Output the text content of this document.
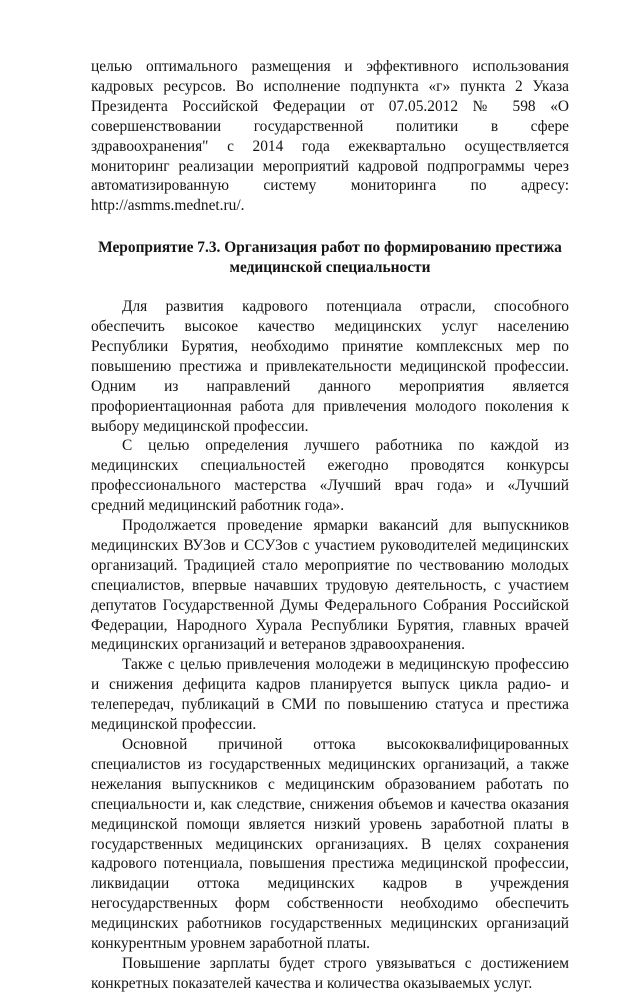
целью оптимального размещения и эффективного использования кадровых ресурсов. Во исполнение подпункта «г» пункта 2 Указа Президента Российской Федерации от 07.05.2012 № 598 «О совершенствовании государственной политики в сфере здравоохранения" с 2014 года ежеквартально осуществляется мониторинг реализации мероприятий кадровой подпрограммы через автоматизированную систему мониторинга по адресу: http://asmms.mednet.ru/.

Мероприятие 7.3. Организация работ по формированию престижа медицинской специальности

Для развития кадрового потенциала отрасли, способного обеспечить высокое качество медицинских услуг населению Республики Бурятия, необходимо принятие комплексных мер по повышению престижа и привлекательности медицинской профессии. Одним из направлений данного мероприятия является профориентационная работа для привлечения молодого поколения к выбору медицинской профессии.

С целью определения лучшего работника по каждой из медицинских специальностей ежегодно проводятся конкурсы профессионального мастерства «Лучший врач года» и «Лучший средний медицинский работник года».

Продолжается проведение ярмарки вакансий для выпускников медицинских ВУЗов и ССУЗов с участием руководителей медицинских организаций. Традицией стало мероприятие по чествованию молодых специалистов, впервые начавших трудовую деятельность, с участием депутатов Государственной Думы Федерального Собрания Российской Федерации, Народного Хурала Республики Бурятия, главных врачей медицинских организаций и ветеранов здравоохранения.

Также с целью привлечения молодежи в медицинскую профессию и снижения дефицита кадров планируется выпуск цикла радио- и телепередач, публикаций в СМИ по повышению статуса и престижа медицинской профессии.

Основной причиной оттока высококвалифицированных специалистов из государственных медицинских организаций, а также нежелания выпускников с медицинским образованием работать по специальности и, как следствие, снижения объемов и качества оказания медицинской помощи является низкий уровень заработной платы в государственных медицинских организациях. В целях сохранения кадрового потенциала, повышения престижа медицинской профессии, ликвидации оттока медицинских кадров в учреждения негосударственных форм собственности необходимо обеспечить медицинских работников государственных медицинских организаций конкурентным уровнем заработной платы.

Повышение зарплаты будет строго увязываться с достижением конкретных показателей качества и количества оказываемых услуг.
